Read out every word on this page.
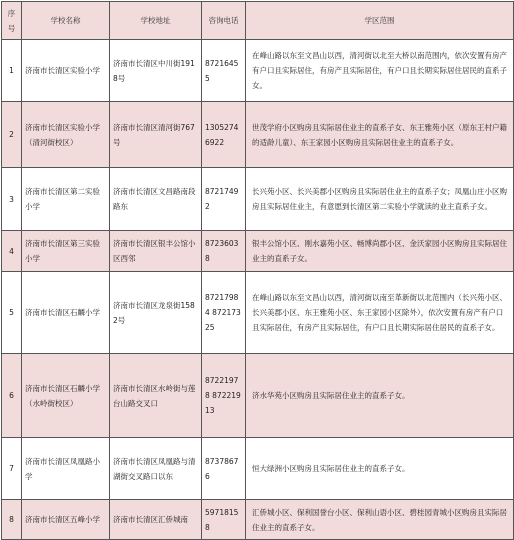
序号	学校名称	学校地址	咨询电话	学区范围
1	济南市长清区实验小学	济南市长清区中川街1918号	87216455	在峰山路以东至文昌山以西，清河街以北至大桥以南范围内，依次安置有房产有户口且实际居住，有房产且实际居住，有户口且长期实际居住居民的直系子女。
2	济南市长清区实验小学（清河街校区）	济南市长清区清河街767号	13052746922	世茂学府小区购房且实际居住业主的直系子女、东王雅苑小区（原东王村户籍的适龄儿童）、东王家园小区购房且实际居住业主的直系子女。
3	济南市长清区第二实验小学	济南市长清区文昌路南段路东	87217492	长兴苑小区、长兴美郡小区购房且实际居住业主的直系子女；凤凰山庄小区购房且实际居住业主，有意愿到长清区第二实验小学就读的业主直系子女。
4	济南市长清区第三实验小学	济南市长清区银丰公馆小区西邻	87236038	银丰公馆小区、刚水嘉苑小区、畅博尚郡小区、金沃家园小区购房且实际居住业主的直系子女。
5	济南市长清区石麟小学	济南市长清区龙泉街1582号	87217984 87217325	在峰山路以东至文昌山以西，清河街以南至革新街以北范围内（长兴苑小区、长兴美郡小区、东王雅苑小区、东王家园小区除外），依次安置有房产有户口且实际居住，有房产且实际居住，有户口且长期实际居住居民的直系子女。
6	济南市长清区石麟小学（水岭街校区）	济南市长清区水岭街与莲台山路交叉口	87221978 87221913	济水华苑小区购房且实际居住业主的直系子女。
7	济南市长清区凤凰路小学	济南市长清区凤凰路与清湖街交叉路口以东	87378676	恒大绿洲小区购房且实际居住业主的直系子女。
8	济南市长清区五峰小学	济南市长清区汇侨城南	59718158	汇侨城小区、保利国誉台小区、保利山语小区、碧桂园青城小区购房且实际居住业主的直系子女。
